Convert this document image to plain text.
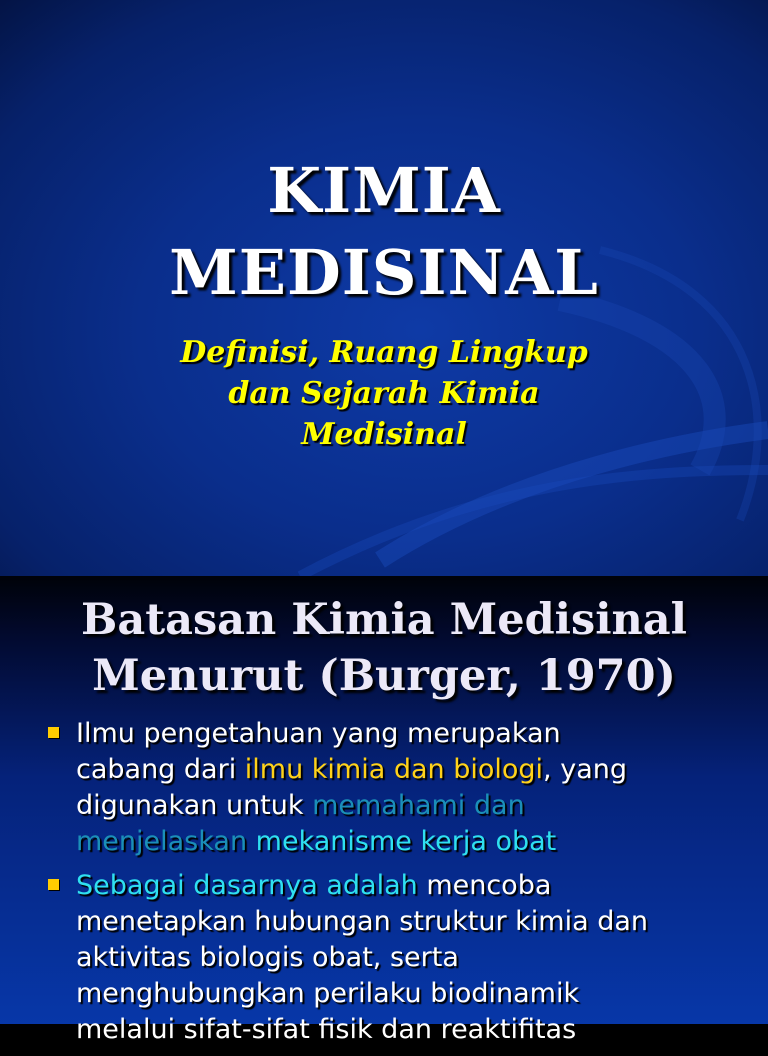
KIMIA
MEDISINAL
Definisi, Ruang Lingkup
dan Sejarah Kimia
Medisinal
Batasan Kimia Medisinal
Menurut (Burger, 1970)
Ilmu pengetahuan yang merupakan
cabang dari ilmu kimia dan biologi, yang
digunakan untuk memahami dan
menjelaskan mekanisme kerja obat
Sebagai dasarnya adalah mencoba
menetapkan hubungan struktur kimia dan
aktivitas biologis obat, serta
menghubungkan perilaku biodinamik
melalui sifat-sifat fisik dan reaktifitas
